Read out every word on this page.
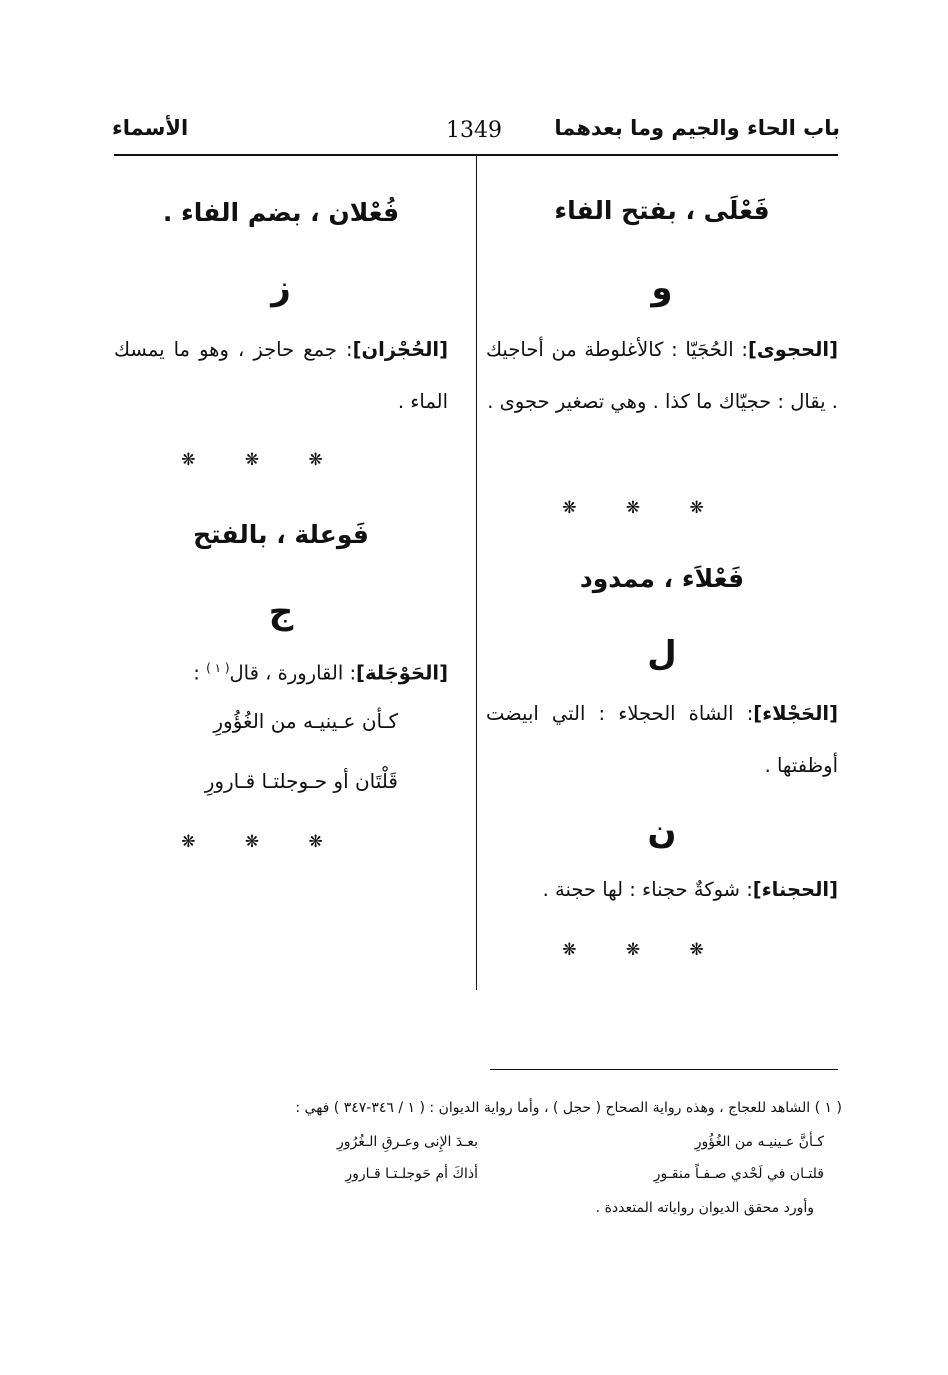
باب الحاء والجيم وما بعدهما
1349
الأسماء
فَعْلَى ، بفتح الفاء
و
[الحجوى]: الحُجَيّا : كالأغلوطة من أحاجيك . يقال : حجيّاك ما كذا . وهي تصغير حجوى .
❋ ❋ ❋
فَعْلاَء ، ممدود
ل
[الحَجْلاء]: الشاة الحجلاء : التي ابيضت أوظفتها .
ن
[الحجناء]: شوكةٌ حجناء : لها حجنة .
❋ ❋ ❋
فُعْلان ، بضم الفاء .
ز
[الحُجْزان]: جمع حاجز ، وهو ما يمسك الماء .
❋ ❋ ❋
فَوعلة ، بالفتح
ج
[الحَوْجَلة]: القارورة ، قال$^{( ١ )}$ :
كـأن عـينيـه من الغُؤُورِ
قَلْتَان أو حـوجلتـا قـارورِ
❋ ❋ ❋
( ١ ) الشاهد للعجاج ، وهذه رواية الصحاح ( حجل ) ، وأما رواية الديوان : ( ١ / ٣٤٦-٣٤٧ ) فهي :
كـأنَّ عـينيـه من الغُؤُورِ
بعـدَ الإِنى وعـرقِ الـغُرُورِ
قلتـان في لَحْدي صـفـاً منقـورِ
أذاكَ أم حَوجلـتـا قـارورِ
وأورد محقق الديوان رواياته المتعددة .
